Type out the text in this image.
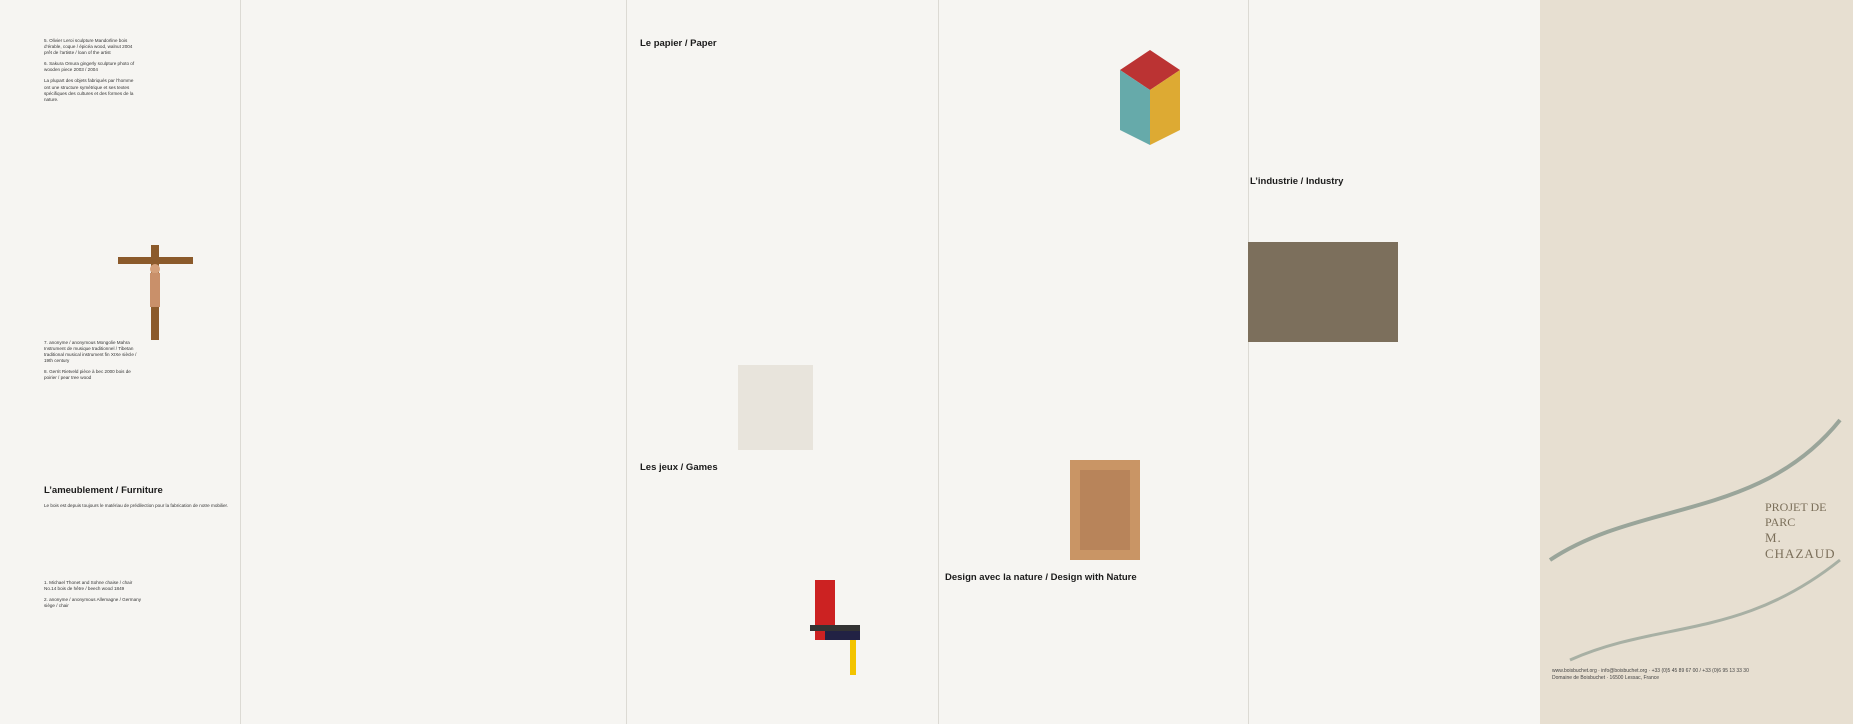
5. Olivier Leroi sculpture Mandorline bois d’érable, coque / épicéa wood, walnut 2004 prêt de l’artiste / loan of the artist

6. Sakura Omura gingerly sculpture photo of wooden piece 2003 / 2004

La plupart des objets fabriqués par l’homme ont une structure symétrique et ses textes spécifiques des cultures et des formes de la nature.

7. anonyme / anonymous Mongolie Mahra Instrument de musique traditionnel / Tibetan traditional musical instrument fin XIXe siècle / 19th century

8. Gerrit Rietveld pièce à bec 2000 bois de poirier / pear tree wood

L’ameublement / Furniture

Le bois est depuis toujours le matériau de prédilection pour la fabrication de notre mobilier.

1. Michael Thonet and Sohne chaise / chair No.14 bois de hêtre / beech wood 1849

2. anonyme / anonymous Allemagne / Germany siège / chair

Le papier / Paper
Les jeux / Games
L’industrie / Industry
Design avec la nature / Design with Nature
PROJET DE PARC
M. CHAZAUD
www.boisbuchet.org · info@boisbuchet.org · +33 (0)5 45 89 67 00 / +33 (0)6 95 13 33 30
Domaine de Boisbuchet · 16500 Lessac, France
